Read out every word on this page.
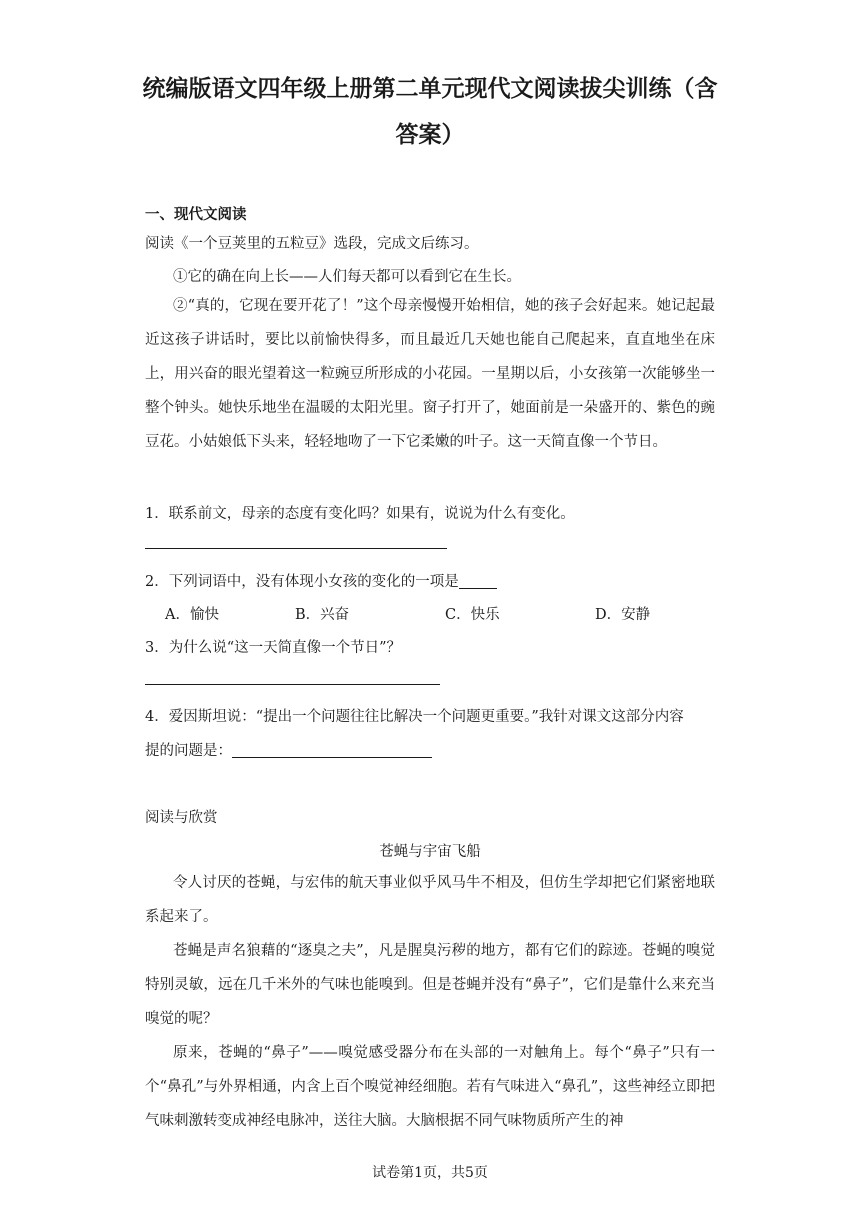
统编版语文四年级上册第二单元现代文阅读拔尖训练（含答案）
一、现代文阅读
阅读《一个豆荚里的五粒豆》选段，完成文后练习。
①它的确在向上长——人们每天都可以看到它在生长。
②“真的，它现在要开花了！”这个母亲慢慢开始相信，她的孩子会好起来。她记起最近这孩子讲话时，要比以前愉快得多，而且最近几天她也能自己爬起来，直直地坐在床上，用兴奋的眼光望着这一粒豌豆所形成的小花园。一星期以后，小女孩第一次能够坐一整个钟头。她快乐地坐在温暖的太阳光里。窗子打开了，她面前是一朵盛开的、紫色的豌豆花。小姑娘低下头来，轻轻地吻了一下它柔嫩的叶子。这一天简直像一个节日。
1．联系前文，母亲的态度有变化吗？如果有，说说为什么有变化。
2．下列词语中，没有体现小女孩的变化的一项是
A．愉快	B．兴奋	C．快乐	D．安静
3．为什么说“这一天简直像一个节日”？
4．爱因斯坦说：“提出一个问题往往比解决一个问题更重要。”我针对课文这部分内容
提的问题是：
阅读与欣赏
苍蝇与宇宙飞船
令人讨厌的苍蝇，与宏伟的航天事业似乎风马牛不相及，但仿生学却把它们紧密地联系起来了。
苍蝇是声名狼藉的“逐臭之夫”，凡是腥臭污秽的地方，都有它们的踪迹。苍蝇的嗅觉特别灵敏，远在几千米外的气味也能嗅到。但是苍蝇并没有“鼻子”，它们是靠什么来充当嗅觉的呢？
原来，苍蝇的“鼻子”——嗅觉感受器分布在头部的一对触角上。每个“鼻子”只有一个“鼻孔”与外界相通，内含上百个嗅觉神经细胞。若有气味进入“鼻孔”，这些神经立即把气味刺激转变成神经电脉冲，送往大脑。大脑根据不同气味物质所产生的神
试卷第1页，共5页
